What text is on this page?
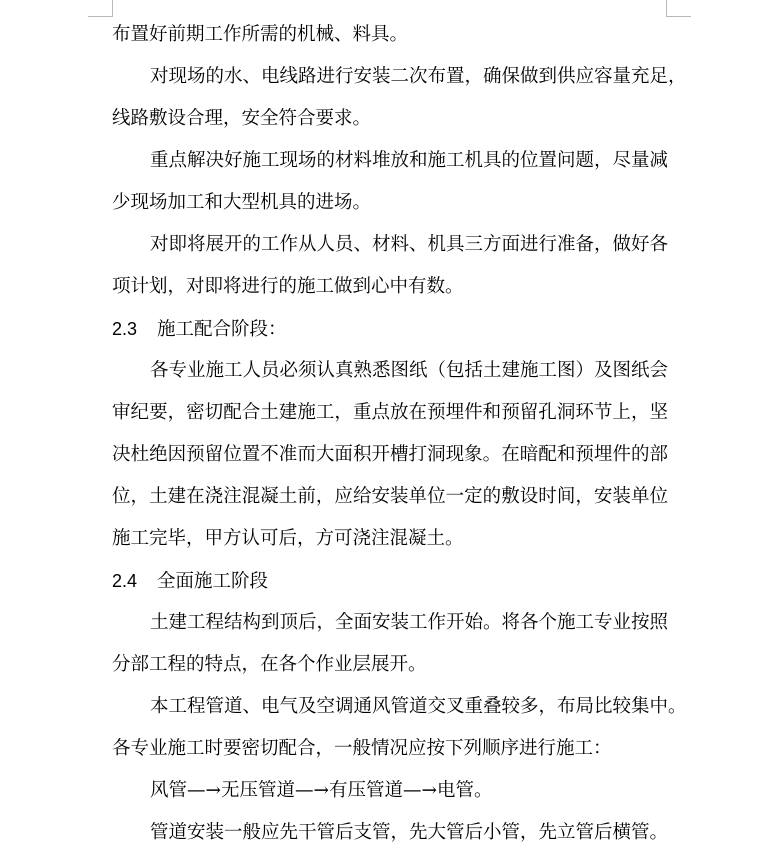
布置好前期工作所需的机械、料具。
对现场的水、电线路进行安装二次布置，确保做到供应容量充足，
线路敷设合理，安全符合要求。
重点解决好施工现场的材料堆放和施工机具的位置问题，尽量减
少现场加工和大型机具的进场。
对即将展开的工作从人员、材料、机具三方面进行准备，做好各
项计划，对即将进行的施工做到心中有数。
2.3 施工配合阶段：
各专业施工人员必须认真熟悉图纸（包括土建施工图）及图纸会
审纪要，密切配合土建施工，重点放在预埋件和预留孔洞环节上，坚
决杜绝因预留位置不准而大面积开槽打洞现象。在暗配和预埋件的部
位，土建在浇注混凝土前，应给安装单位一定的敷设时间，安装单位
施工完毕，甲方认可后，方可浇注混凝土。
2.4 全面施工阶段
土建工程结构到顶后，全面安装工作开始。将各个施工专业按照
分部工程的特点，在各个作业层展开。
本工程管道、电气及空调通风管道交叉重叠较多，布局比较集中。
各专业施工时要密切配合，一般情况应按下列顺序进行施工：
风管—→无压管道—→有压管道—→电管。
管道安装一般应先干管后支管，先大管后小管，先立管后横管。
